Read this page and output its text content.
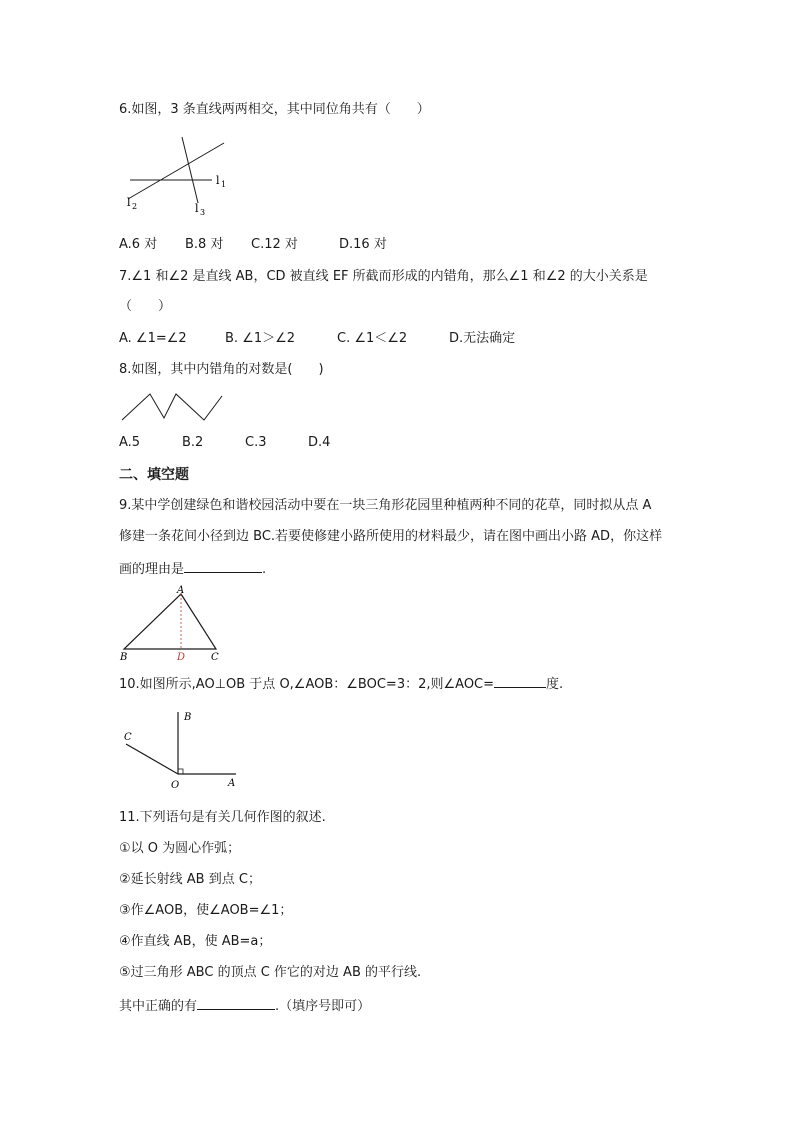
6.如图，3 条直线两两相交，其中同位角共有（　　）
l 1
l 2	l 3
A.6 对 B.8 对 C.12 对	D.16 对
7.∠1 和∠2 是直线 AB，CD 被直线 EF 所截而形成的内错角，那么∠1 和∠2 的大小关系是
（　　）
A. ∠1=∠2	B. ∠1＞∠2	C. ∠1＜∠2	D.无法确定
8.如图，其中内错角的对数是(　　)
A.5	B.2	C.3	D.4
二、填空题
9.某中学创建绿色和谐校园活动中要在一块三角形花园里种植两种不同的花草，同时拟从点 A
修建一条花间小径到边 BC.若要使修建小路所使用的材料最少，请在图中画出小路 AD，你这样
画的理由是	.
A
B	D	C
10.如图所示,AO⊥OB 于点 O,∠AOB：∠BOC=3：2,则∠AOC=	度.
B
C
O	A
11.下列语句是有关几何作图的叙述.
①以 O 为圆心作弧；
②延长射线 AB 到点 C；
③作∠AOB，使∠AOB=∠1；
④作直线 AB，使 AB=a；
⑤过三角形 ABC 的顶点 C 作它的对边 AB 的平行线.
其中正确的有	.（填序号即可）
